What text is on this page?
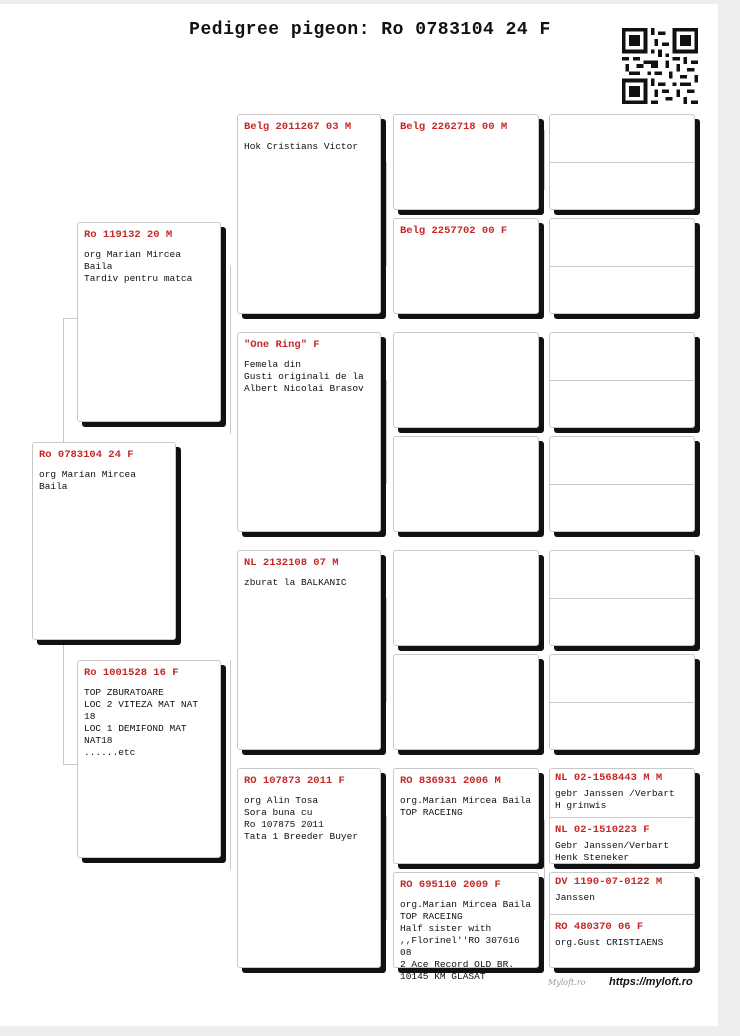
Pedigree pigeon: Ro 0783104 24 F
Ro 0783104 24 F
org Marian Mircea Baila
Ro 119132 20 M
org Marian Mircea Baila
Tardiv pentru matca
Ro 1001528 16 F
TOP ZBURATOARE
LOC 2 VITEZA MAT NAT 18
LOC 1 DEMIFOND MAT NAT18
......etc
Belg 2011267 03 M
Hok Cristians Victor
"One Ring" F
Femela din
Gusti originali de la
Albert Nicolai Brasov
NL 2132108 07 M
zburat la BALKANIC
RO 107873 2011 F
org Alin Tosa
Sora buna cu
Ro 107875 2011
Tata 1 Breeder Buyer
Belg 2262718 00 M
Belg 2257702 00 F
RO 836931 2006 M
org.Marian Mircea Baila
TOP RACEING
RO 695110 2009 F
org.Marian Mircea Baila
TOP RACEING
Half sister with
,,Florinel''RO 307616 08
2 Ace Record OLD BR.
10145 KM GLASAT
NL 02-1568443 M M
gebr Janssen /Verbart
H grinwis
NL 02-1510223 F
Gebr Janssen/Verbart
Henk Steneker
DV 1190-07-0122 M
Janssen
RO 480370 06 F
org.Gust CRISTIAENS
Myloft.ro https://myloft.ro
